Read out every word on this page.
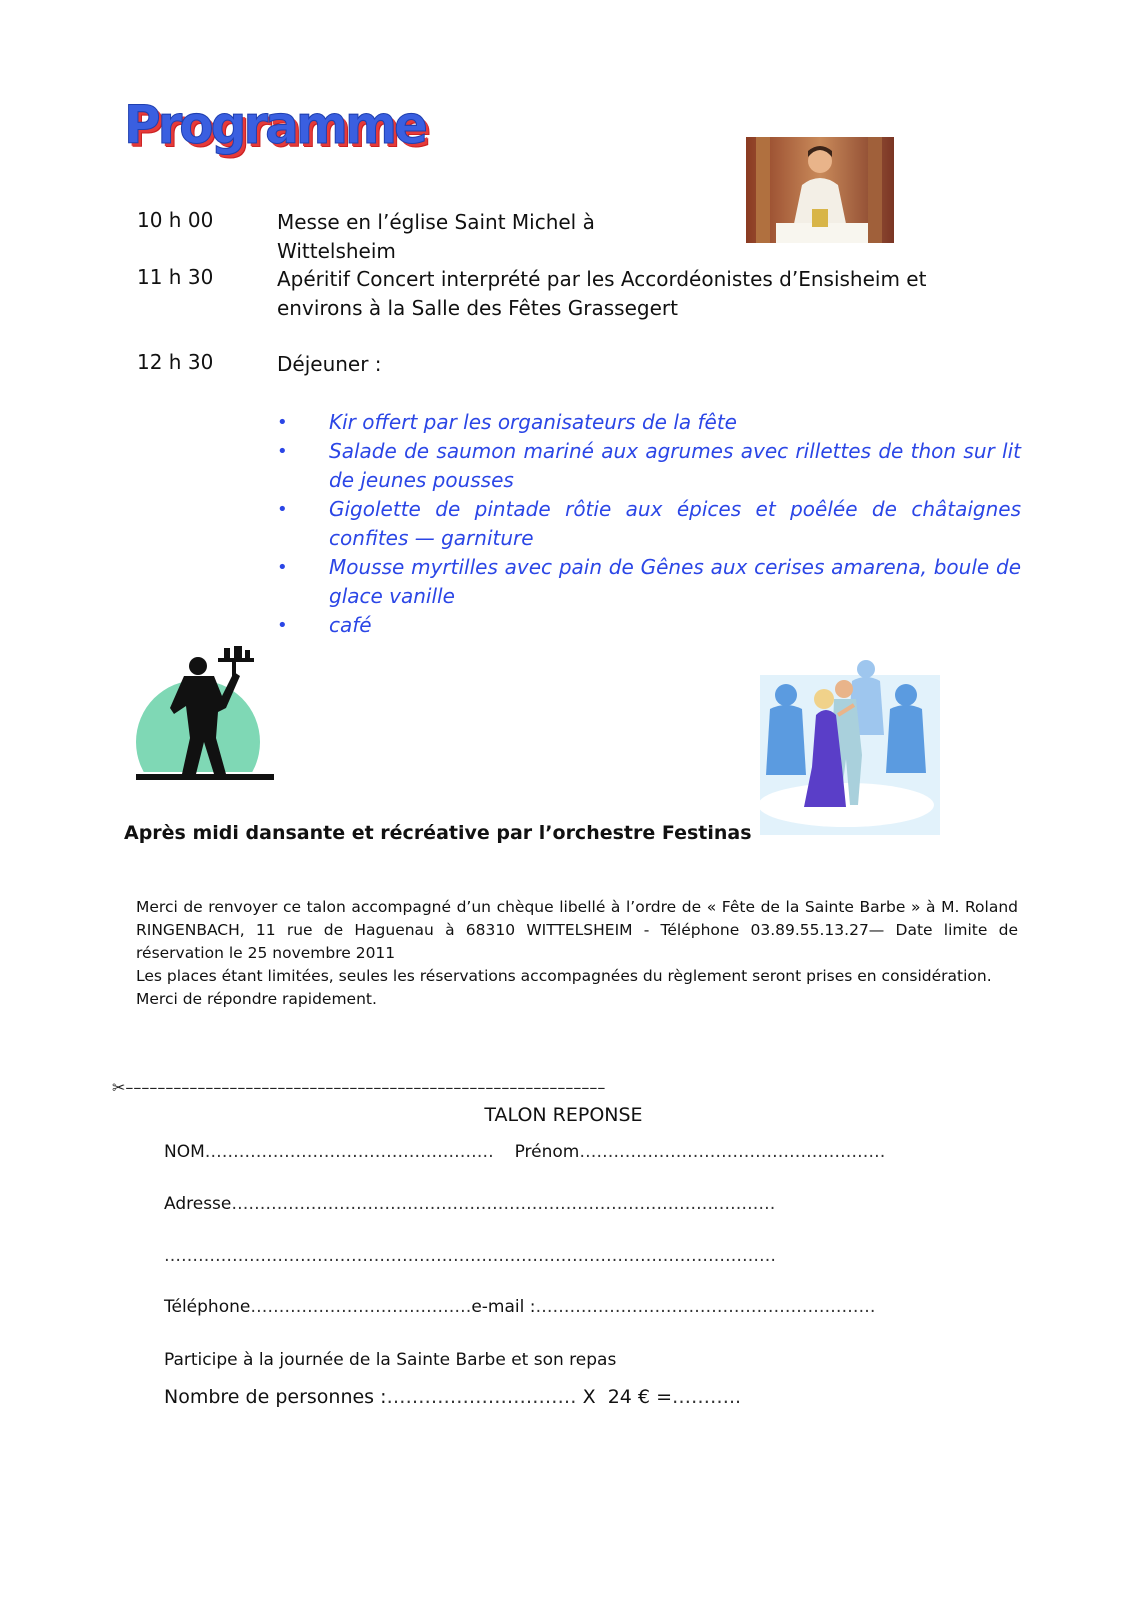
Programme
10 h 00	Messe en l’église Saint Michel à
Wittelsheim
11 h 30	Apéritif Concert interprété par les Accordéonistes d’Ensisheim et
environs à la Salle des Fêtes Grassegert
12 h 30	Déjeuner :
• Kir offert par les organisateurs de la fête
• Salade de saumon mariné aux agrumes avec rillettes de thon sur lit de jeunes pousses
• Gigolette de pintade rôtie aux épices et poêlée de châtaignes confites — garniture
• Mousse myrtilles avec pain de Gênes aux cerises amarena, boule de glace vanille
• café
Après midi dansante et récréative par l’orchestre Festinas
Merci de renvoyer ce talon accompagné d’un chèque libellé à l’ordre de « Fête de la Sainte Barbe » à M. Roland RINGENBACH, 11 rue de Haguenau à 68310 WITTELSHEIM - Téléphone 03.89.55.13.27— Date limite de réservation le 25 novembre 2011
Les places étant limitées, seules les réservations accompagnées du règlement seront prises en considération.
Merci de répondre rapidement.
✂––––––––––––––––––––––––––––––––––––––––––––––––––––––––––––
TALON REPONSE
NOM…………………………………………… Prénom………………………………………………
Adresse……………………………………………………………………………………
………………………………………………………………………………………………
Téléphone…………………………………e-mail :……………………………………………………
Participe à la journée de la Sainte Barbe et son repas
Nombre de personnes :………………………… X 24 € =………..
